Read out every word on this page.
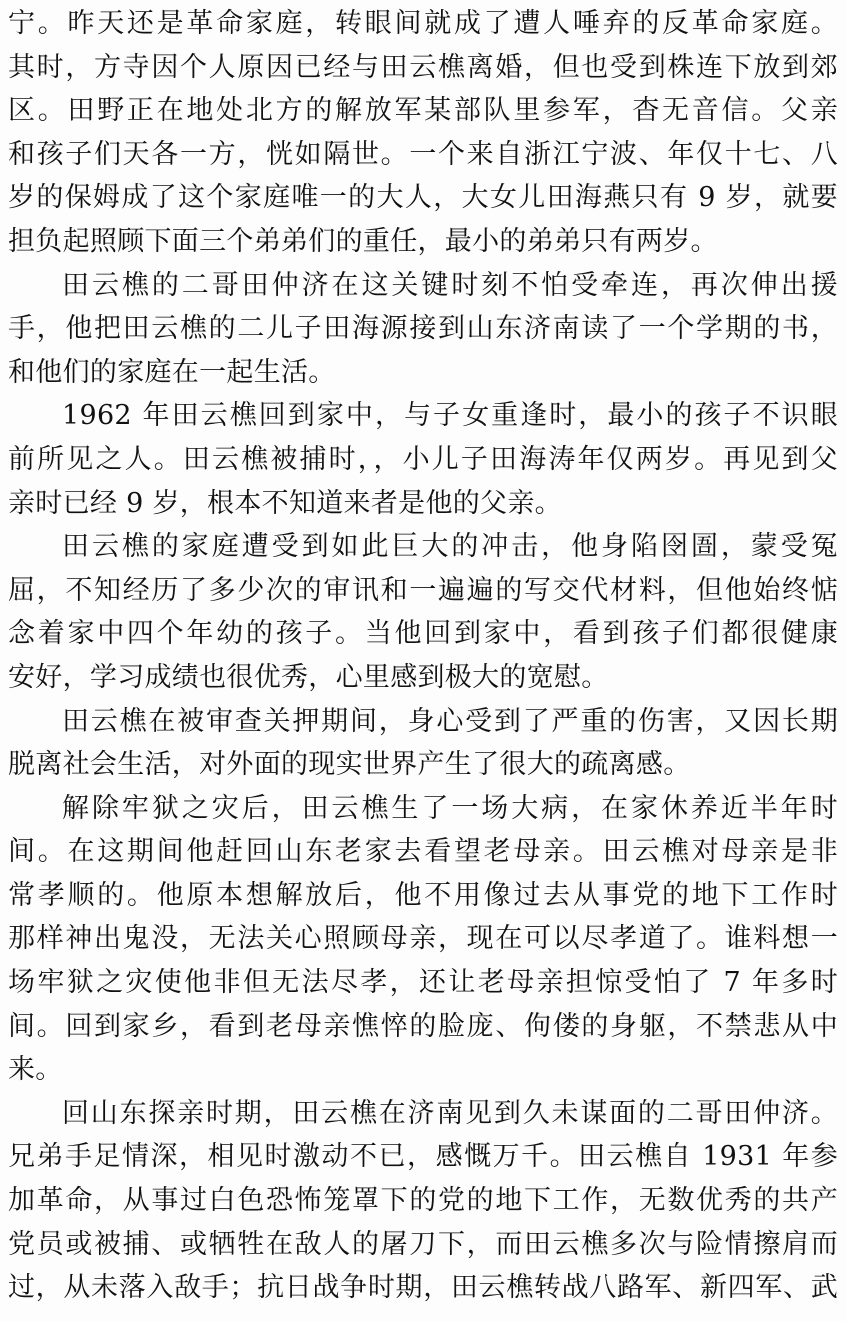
宁。昨天还是革命家庭，转眼间就成了遭人唾弃的反革命家庭。
其时，方寺因个人原因已经与田云樵离婚，但也受到株连下放到郊
区。田野正在地处北方的解放军某部队里参军，杳无音信。父亲
和孩子们天各一方，恍如隔世。一个来自浙江宁波、年仅十七、八
岁的保姆成了这个家庭唯一的大人，大女儿田海燕只有 9 岁，就要
担负起照顾下面三个弟弟们的重任，最小的弟弟只有两岁。
田云樵的二哥田仲济在这关键时刻不怕受牵连，再次伸出援
手，他把田云樵的二儿子田海源接到山东济南读了一个学期的书，
和他们的家庭在一起生活。
1962 年田云樵回到家中，与子女重逢时，最小的孩子不识眼
前所见之人。田云樵被捕时，，小儿子田海涛年仅两岁。再见到父
亲时已经 9 岁，根本不知道来者是他的父亲。
田云樵的家庭遭受到如此巨大的冲击，他身陷囹圄，蒙受冤
屈，不知经历了多少次的审讯和一遍遍的写交代材料，但他始终惦
念着家中四个年幼的孩子。当他回到家中，看到孩子们都很健康
安好，学习成绩也很优秀，心里感到极大的宽慰。
田云樵在被审查关押期间，身心受到了严重的伤害，又因长期
脱离社会生活，对外面的现实世界产生了很大的疏离感。
解除牢狱之灾后，田云樵生了一场大病，在家休养近半年时
间。在这期间他赶回山东老家去看望老母亲。田云樵对母亲是非
常孝顺的。他原本想解放后，他不用像过去从事党的地下工作时
那样神出鬼没，无法关心照顾母亲，现在可以尽孝道了。谁料想一
场牢狱之灾使他非但无法尽孝，还让老母亲担惊受怕了 7 年多时
间。回到家乡，看到老母亲憔悴的脸庞、佝偻的身躯，不禁悲从中
来。
回山东探亲时期，田云樵在济南见到久未谋面的二哥田仲济。
兄弟手足情深，相见时激动不已，感慨万千。田云樵自 1931 年参
加革命，从事过白色恐怖笼罩下的党的地下工作，无数优秀的共产
党员或被捕、或牺牲在敌人的屠刀下，而田云樵多次与险情擦肩而
过，从未落入敌手；抗日战争时期，田云樵转战八路军、新四军、武
